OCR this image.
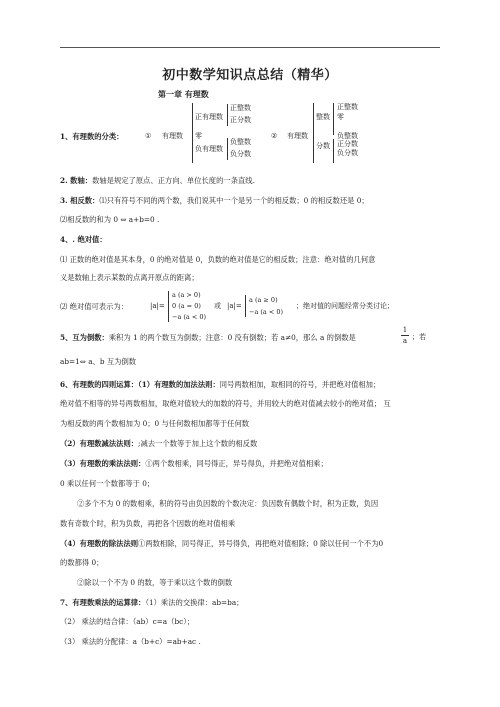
初中数学知识点总结（精华）
第一章 有理数
1、有理数的分类：	① 有理数
正有理数
正整数
正分数
零
负有理数
负整数
负分数
② 有理数
整数
正整数
零
负整数
分数 正分数
负分数
2. 数轴：数轴是规定了原点、正方向、单位长度的一条直线.
3. 相反数：⑴只有符号不同的两个数，我们说其中一个是另一个的相反数；0 的相反数还是 0；
⑵相反数的和为 0 ⇔ a+b=0 .
4、. 绝对值：
⑴ 正数的绝对值是其本身，0 的绝对值是 0，负数的绝对值是它的相反数；注意：绝对值的几何意
义是数轴上表示某数的点离开原点的距离；
⑵ 绝对值可表示为：	|a|=
a (a > 0)
0 (a = 0)
−a (a < 0)
或 |a|=
a (a ≥ 0)
−a (a < 0)
；绝对值的问题经常分类讨论；
5、互为倒数：乘积为 1 的两个数互为倒数；注意：0 没有倒数；若 a≠0，那么 a 的倒数是
1
a ；若
ab=1⇔ a、b 互为倒数
6、有理数的四则运算：（1）有理数的加法法则：同号两数相加，取相同的符号，并把绝对值相加；
绝对值不相等的异号两数相加，取绝对值较大的加数的符号，并用较大的绝对值减去较小的绝对值； 互
为相反数的两个数相加为 0；0 与任何数相加都等于任何数
（2）有理数减法法则：;减去一个数等于加上这个数的相反数
（3）有理数的乘法法则：①两个数相乘，同号得正，异号得负，并把绝对值相乘；
0 乘以任何一个数都等于 0；
②多个不为 0 的数相乘，积的符号由负因数的个数决定：负因数有偶数个时，积为正数，负因
数有奇数个时，积为负数，再把各个因数的绝对值相乘
（4）有理数的除法法则①两数相除，同号得正，异号得负，再把绝对值相除；0 除以任何一个不为0
的数都得 0；
②除以一个不为 0 的数，等于乘以这个数的倒数
7、有理数乘法的运算律：（1）乘法的交换律：ab=ba；
（2） 乘法的结合律：（ab）c=a（bc）；
（3） 乘法的分配律：a（b+c）=ab+ac .
